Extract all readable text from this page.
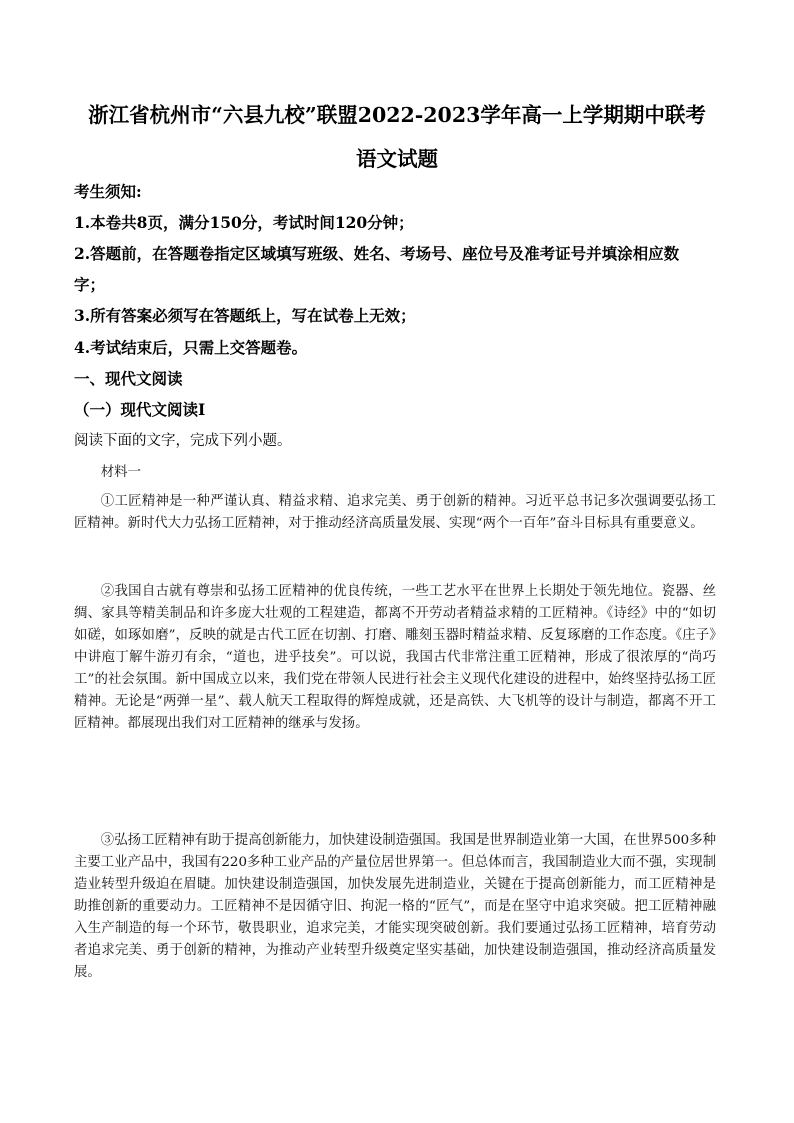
浙江省杭州市“六县九校”联盟2022-2023学年高一上学期期中联考
语文试题
考生须知:
1.本卷共8页，满分150分，考试时间120分钟；
2.答题前，在答题卷指定区域填写班级、姓名、考场号、座位号及准考证号并填涂相应数
字；
3.所有答案必须写在答题纸上，写在试卷上无效；
4.考试结束后，只需上交答题卷。
一、现代文阅读
（一）现代文阅读Ⅰ
阅读下面的文字，完成下列小题。
材料一
①工匠精神是一种严谨认真、精益求精、追求完美、勇于创新的精神。习近平总书记多次强调要弘扬工匠精神。新时代大力弘扬工匠精神，对于推动经济高质量发展、实现“两个一百年”奋斗目标具有重要意义。
②我国自古就有尊崇和弘扬工匠精神的优良传统，一些工艺水平在世界上长期处于领先地位。瓷器、丝绸、家具等精美制品和许多庞大壮观的工程建造，都离不开劳动者精益求精的工匠精神。《诗经》中的“如切如磋，如琢如磨”，反映的就是古代工匠在切割、打磨、雕刻玉器时精益求精、反复琢磨的工作态度。《庄子》中讲庖丁解牛游刃有余，“道也，进乎技矣”。可以说，我国古代非常注重工匠精神，形成了很浓厚的“尚巧工”的社会氛围。新中国成立以来，我们党在带领人民进行社会主义现代化建设的进程中，始终坚持弘扬工匠精神。无论是“两弹一星”、载人航天工程取得的辉煌成就，还是高铁、大飞机等的设计与制造，都离不开工匠精神。都展现出我们对工匠精神的继承与发扬。
③弘扬工匠精神有助于提高创新能力，加快建设制造强国。我国是世界制造业第一大国，在世界500多种主要工业产品中，我国有220多种工业产品的产量位居世界第一。但总体而言，我国制造业大而不强，实现制造业转型升级迫在眉睫。加快建设制造强国，加快发展先进制造业，关键在于提高创新能力，而工匠精神是助推创新的重要动力。工匠精神不是因循守旧、拘泥一格的“匠气”，而是在坚守中追求突破。把工匠精神融入生产制造的每一个环节，敬畏职业，追求完美，才能实现突破创新。我们要通过弘扬工匠精神，培育劳动者追求完美、勇于创新的精神，为推动产业转型升级奠定坚实基础，加快建设制造强国，推动经济高质量发展。
